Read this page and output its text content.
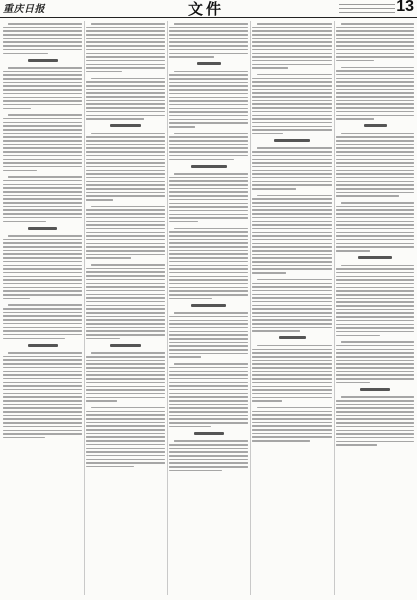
重庆日报	文件	13
